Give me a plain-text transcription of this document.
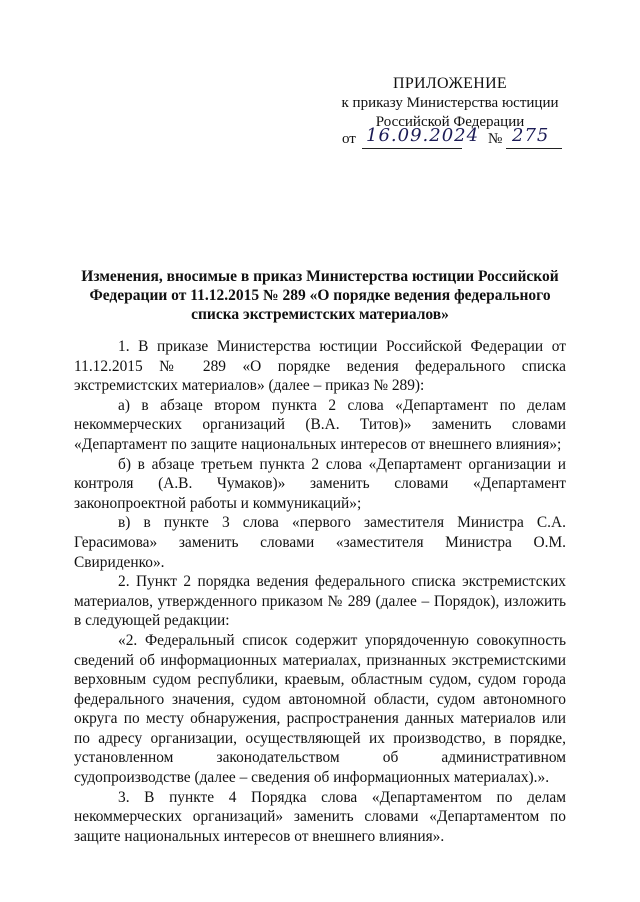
ПРИЛОЖЕНИЕ
к приказу Министерства юстиции
Российской Федерации
от 16.09.2024 № 275
Изменения, вносимые в приказ Министерства юстиции Российской
Федерации от 11.12.2015 № 289 «О порядке ведения федерального
списка экстремистских материалов»

1. В приказе Министерства юстиции Российской Федерации от 11.12.2015 № 289 «О порядке ведения федерального списка экстремистских материалов» (далее – приказ № 289):

а) в абзаце втором пункта 2 слова «Департамент по делам некоммерческих организаций (В.А. Титов)» заменить словами «Департамент по защите национальных интересов от внешнего влияния»;

б) в абзаце третьем пункта 2 слова «Департамент организации и контроля (А.В. Чумаков)» заменить словами «Департамент законопроектной работы и коммуникаций»;

в) в пункте 3 слова «первого заместителя Министра С.А. Герасимова» заменить словами «заместителя Министра О.М. Свириденко».

2. Пункт 2 порядка ведения федерального списка экстремистских материалов, утвержденного приказом № 289 (далее – Порядок), изложить в следующей редакции:

«2. Федеральный список содержит упорядоченную совокупность сведений об информационных материалах, признанных экстремистскими верховным судом республики, краевым, областным судом, судом города федерального значения, судом автономной области, судом автономного округа по месту обнаружения, распространения данных материалов или по адресу организации, осуществляющей их производство, в порядке, установленном законодательством об административном судопроизводстве (далее – сведения об информационных материалах).».

3. В пункте 4 Порядка слова «Департаментом по делам некоммерческих организаций» заменить словами «Департаментом по защите национальных интересов от внешнего влияния».
